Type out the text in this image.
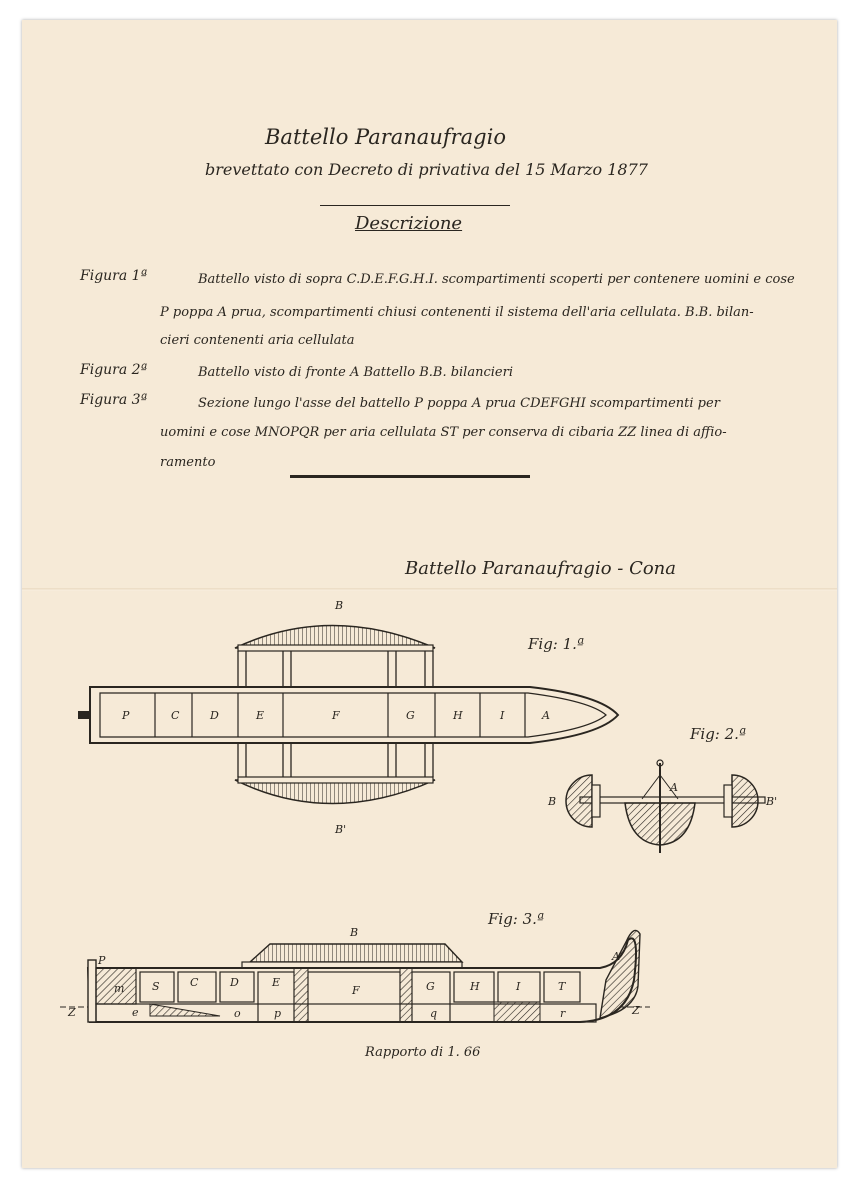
Battello Paranaufragio
brevettato con Decreto di privativa del 15 Marzo 1877
Descrizione
Figura 1ª	Battello visto di sopra C.D.E.F.G.H.I. scompartimenti scoperti per contenere uomini e cose
P poppa A prua, scompartimenti chiusi contenenti il sistema dell'aria cellulata. B.B. bilan-
cieri contenenti aria cellulata
Figura 2ª	Battello visto di fronte A Battello B.B. bilancieri
Figura 3ª	Sezione lungo l'asse del battello P poppa A prua CDEFGHI scompartimenti per
uomini e cose MNOPQR per aria cellulata ST per conserva di cibaria ZZ linea di affio-
ramento
Battello Paranaufragio - Cona
Fig: 1.ª
P	C	D	E	F	G	H	I	A
B
B'
Fig: 2.ª
B
A
B'
Fig: 3.ª
S	C	D	E
F	G	H	I	T
m
e	o	p	q	r
B
P	A
Z	Z
Rapporto di 1. 66
